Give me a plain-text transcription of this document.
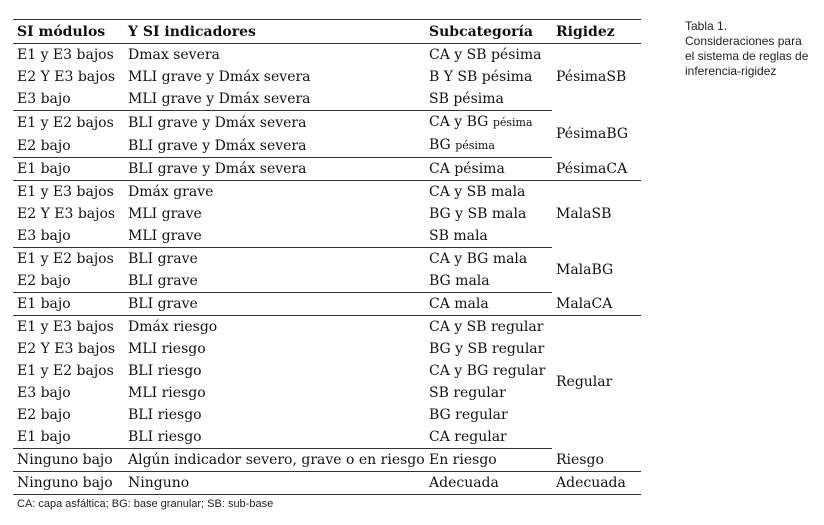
SI módulos	Y SI indicadores	Subcategoría	Rigidez
E1 y E3 bajos	Dmax severa	CA y SB pésima	PésimaSB
E2 Y E3 bajos	MLI grave y Dmáx severa	B Y SB pésima	
E3 bajo	MLI grave y Dmáx severa	SB pésima	
E1 y E2 bajos	BLI grave y Dmáx severa	CA y BG pésima	PésimaBG
E2 bajo	BLI grave y Dmáx severa	BG pésima	
E1 bajo	BLI grave y Dmáx severa	CA pésima	PésimaCA
E1 y E3 bajos	Dmáx grave	CA y SB mala	MalaSB
E2 Y E3 bajos	MLI grave	BG y SB mala	
E3 bajo	MLI grave	SB mala	
E1 y E2 bajos	BLI grave	CA y BG mala	MalaBG
E2 bajo	BLI grave	BG mala	
E1 bajo	BLI grave	CA mala	MalaCA
E1 y E3 bajos	Dmáx riesgo	CA y SB regular	Regular
E2 Y E3 bajos	MLI riesgo	BG y SB regular	
E1 y E2 bajos	BLI riesgo	CA y BG regular	
E3 bajo	MLI riesgo	SB regular	
E2 bajo	BLI riesgo	BG regular	
E1 bajo	BLI riesgo	CA regular	
Ninguno bajo	Algún indicador severo, grave o en riesgo	En riesgo	Riesgo
Ninguno bajo	Ninguno	Adecuada	Adecuada
CA: capa asfáltica; BG: base granular; SB: sub-base
Tabla 1.
Consideraciones para
el sistema de reglas de
inferencia-rigidez
